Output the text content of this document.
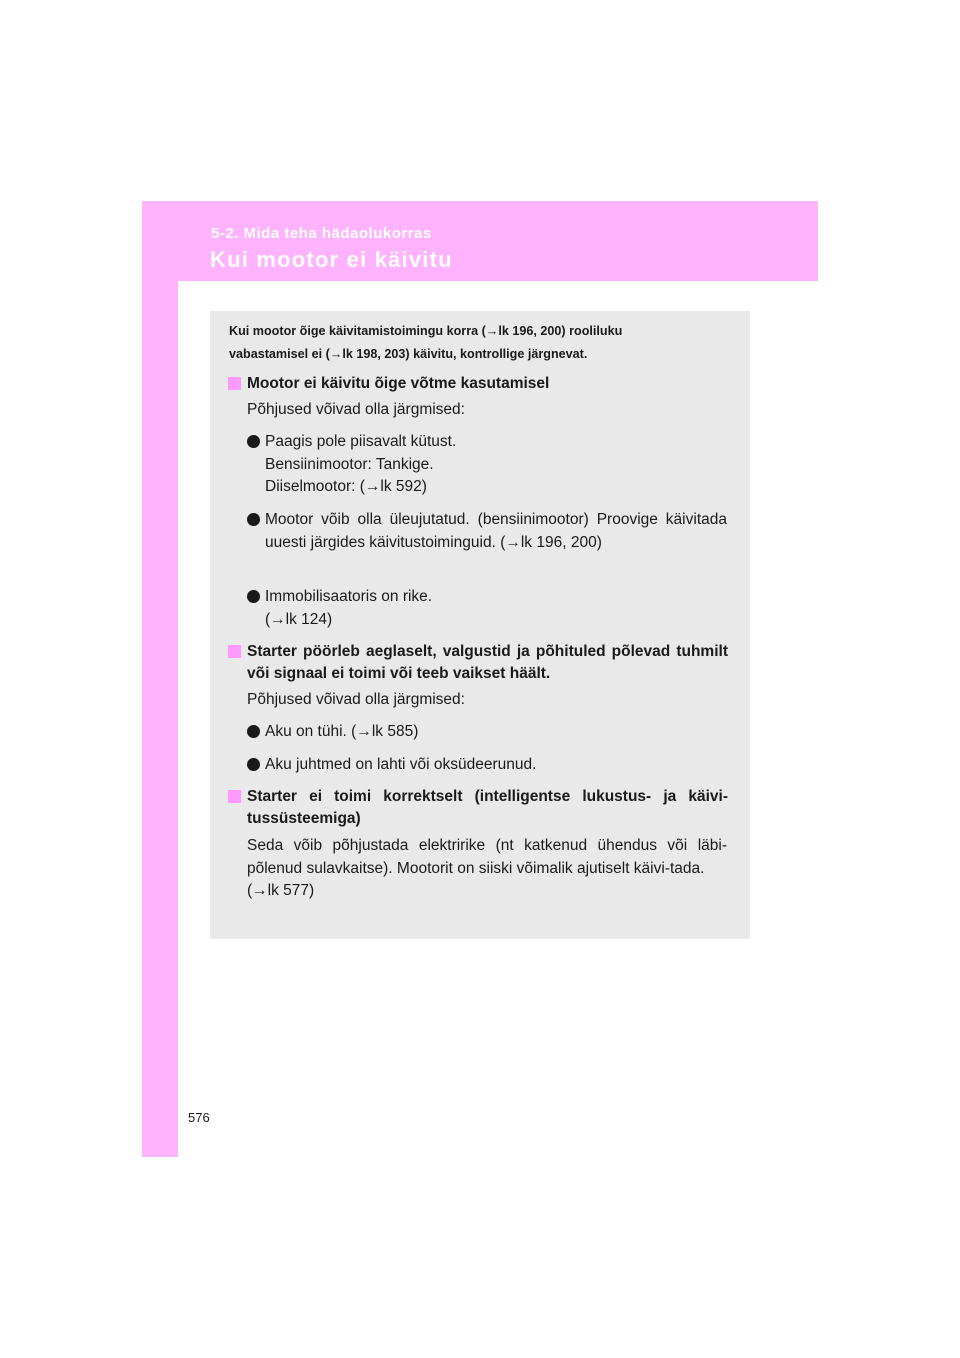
5-2. Mida teha hädaolukorras
Kui mootor ei käivitu
Kui mootor õige käivitamistoimingu korra (→lk 196, 200) rooliluku
vabastamisel ei (→lk 198, 203) käivitu, kontrollige järgnevat.
Mootor ei käivitu õige võtme kasutamisel
Põhjused võivad olla järgmised:
Paagis pole piisavalt kütust.
Bensiinimootor: Tankige.
Diiselmootor: (→lk 592)
Mootor võib olla üleujutatud. (bensiinimootor) Proovige käivitada uuesti järgides käivitustoiminguid. (→lk 196, 200)
Immobilisaatoris on rike.
(→lk 124)
Starter pöörleb aeglaselt, valgustid ja põhituled põlevad tuhmilt või signaal ei toimi või teeb vaikset häält.
Põhjused võivad olla järgmised:
Aku on tühi. (→lk 585)
Aku juhtmed on lahti või oksüdeerunud.
Starter ei toimi korrektselt (intelligentse lukustus- ja käivi-tussüsteemiga)
Seda võib põhjustada elektririke (nt katkenud ühendus või läbi-põlenud sulavkaitse). Mootorit on siiski võimalik ajutiselt käivi-tada.
(→lk 577)
576
